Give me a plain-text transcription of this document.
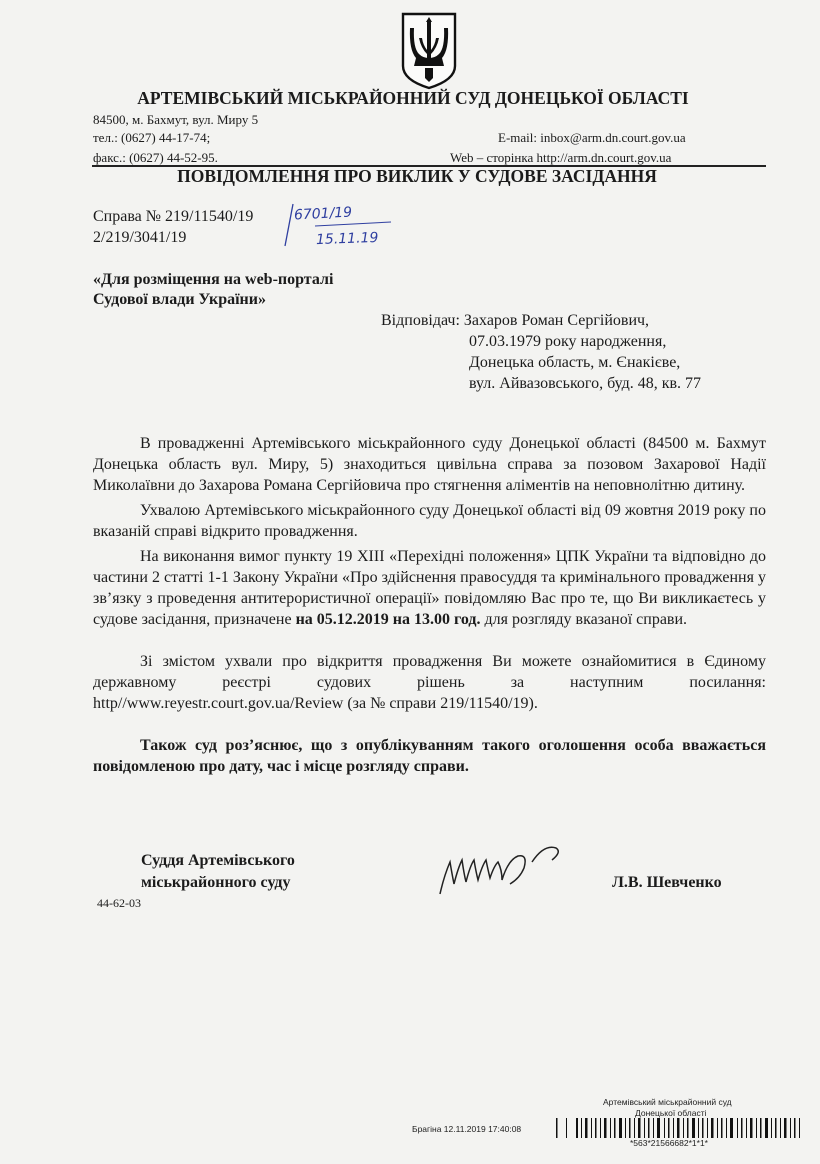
АРТЕМІВСЬКИЙ МІСЬКРАЙОННИЙ СУД ДОНЕЦЬКОЇ ОБЛАСТІ
84500, м. Бахмут, вул. Миру 5
тел.: (0627) 44-17-74;	E-mail: inbox@arm.dn.court.gov.ua
факс.: (0627) 44-52-95.	Web – сторінка http://arm.dn.court.gov.ua
ПОВІДОМЛЕННЯ ПРО ВИКЛИК У СУДОВЕ ЗАСІДАННЯ
Справа № 219/11540/19
2/219/3041/19
6701/19
15.11.19
«Для розміщення на web-порталі
Судової влади України»
Відповідач: Захаров Роман Сергійович,
07.03.1979 року народження,
Донецька область, м. Єнакієве,
вул. Айвазовського, буд. 48, кв. 77

В провадженні Артемівського міськрайонного суду Донецької області (84500 м. Бахмут Донецька область вул. Миру, 5) знаходиться цивільна справа за позовом Захарової Надії Миколаївни до Захарова Романа Сергійовича про стягнення аліментів на неповнолітню дитину.

Ухвалою Артемівського міськрайонного суду Донецької області від 09 жовтня 2019 року по вказаній справі відкрито провадження.

На виконання вимог пункту 19 ХІІІ «Перехідні положення» ЦПК України та відповідно до частини 2 статті 1-1 Закону України «Про здійснення правосуддя та кримінального провадження у зв’язку з проведення антитерористичної операції» повідомляю Вас про те, що Ви викликаєтесь у судове засідання, призначене на 05.12.2019 на 13.00 год. для розгляду вказаної справи.

Зі змістом ухвали про відкриття провадження Ви можете ознайомитися в Єдиному державному реєстрі судових рішень за наступним посилання: http//www.reyestr.court.gov.ua/Review (за № справи 219/11540/19).

Також суд роз’яснює, що з опублікуванням такого оголошення особа вважається повідомленою про дату, час і місце розгляду справи.

Суддя Артемівського
міськрайонного суду
44-62-03
Л.В. Шевченко
Артемівський міськрайонний суд
Донецької області
Брагіна 12.11.2019 17:40:08
*563*21566682*1*1*
